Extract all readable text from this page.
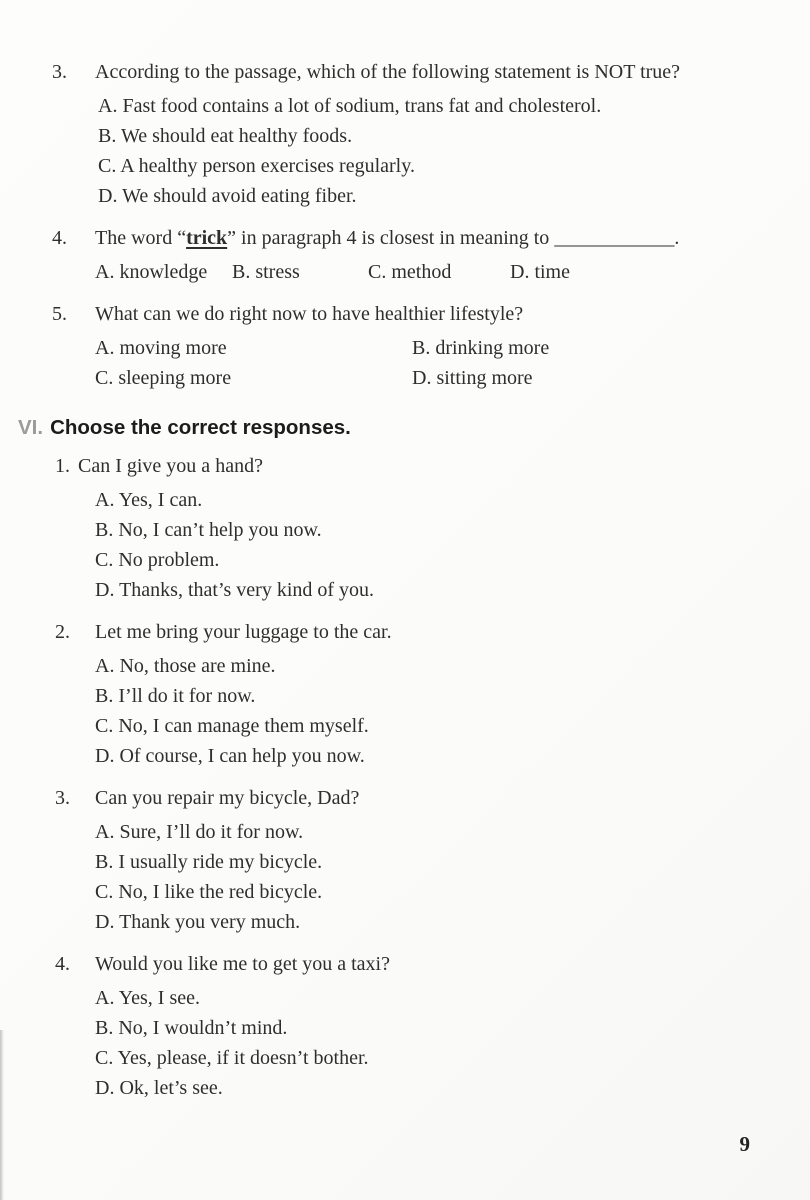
3. According to the passage, which of the following statement is NOT true?
A. Fast food contains a lot of sodium, trans fat and cholesterol.
B. We should eat healthy foods.
C. A healthy person exercises regularly.
D. We should avoid eating fiber.
4. The word “trick” in paragraph 4 is closest in meaning to ____________.
A. knowledge	B. stress	C. method	D. time
5. What can we do right now to have healthier lifestyle?
A. moving more	B. drinking more
C. sleeping more	D. sitting more
VI. Choose the correct responses.
1. Can I give you a hand?
A. Yes, I can.
B. No, I can’t help you now.
C. No problem.
D. Thanks, that’s very kind of you.
2. Let me bring your luggage to the car.
A. No, those are mine.
B. I’ll do it for now.
C. No, I can manage them myself.
D. Of course, I can help you now.
3. Can you repair my bicycle, Dad?
A. Sure, I’ll do it for now.
B. I usually ride my bicycle.
C. No, I like the red bicycle.
D. Thank you very much.
4. Would you like me to get you a taxi?
A. Yes, I see.
B. No, I wouldn’t mind.
C. Yes, please, if it doesn’t bother.
D. Ok, let’s see.
9
